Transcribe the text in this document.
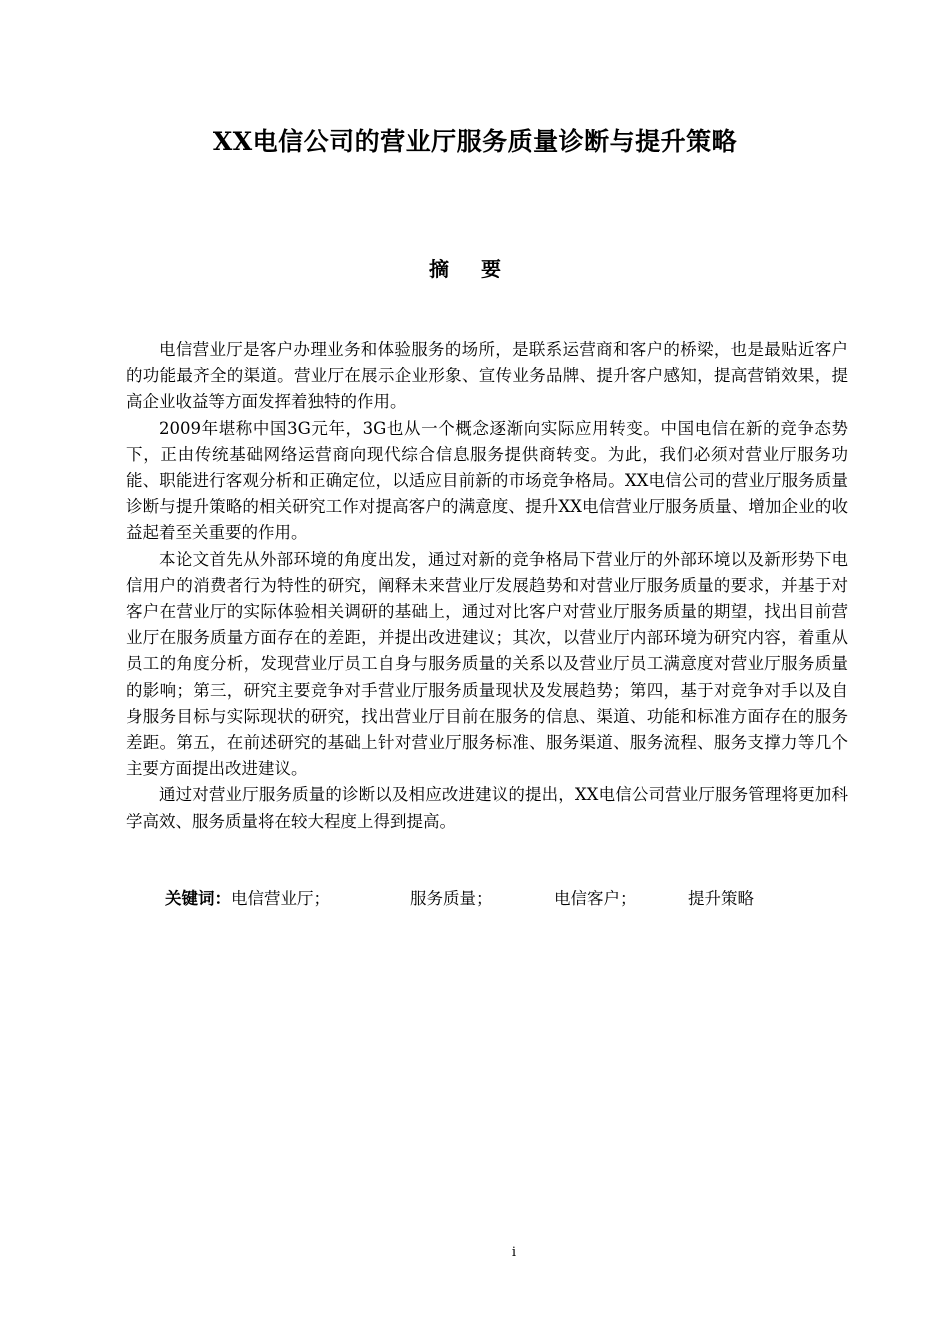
XX电信公司的营业厅服务质量诊断与提升策略
摘要

电信营业厅是客户办理业务和体验服务的场所，是联系运营商和客户的桥梁，也是最贴近客户的功能最齐全的渠道。营业厅在展示企业形象、宣传业务品牌、提升客户感知，提高营销效果，提高企业收益等方面发挥着独特的作用。

2009年堪称中国3G元年，3G也从一个概念逐渐向实际应用转变。中国电信在新的竞争态势下，正由传统基础网络运营商向现代综合信息服务提供商转变。为此，我们必须对营业厅服务功能、职能进行客观分析和正确定位，以适应目前新的市场竞争格局。XX电信公司的营业厅服务质量诊断与提升策略的相关研究工作对提高客户的满意度、提升XX电信营业厅服务质量、增加企业的收益起着至关重要的作用。

本论文首先从外部环境的角度出发，通过对新的竞争格局下营业厅的外部环境以及新形势下电信用户的消费者行为特性的研究，阐释未来营业厅发展趋势和对营业厅服务质量的要求，并基于对客户在营业厅的实际体验相关调研的基础上，通过对比客户对营业厅服务质量的期望，找出目前营业厅在服务质量方面存在的差距，并提出改进建议；其次，以营业厅内部环境为研究内容，着重从员工的角度分析，发现营业厅员工自身与服务质量的关系以及营业厅员工满意度对营业厅服务质量的影响；第三，研究主要竞争对手营业厅服务质量现状及发展趋势；第四，基于对竞争对手以及自身服务目标与实际现状的研究，找出营业厅目前在服务的信息、渠道、功能和标准方面存在的服务差距。第五，在前述研究的基础上针对营业厅服务标准、服务渠道、服务流程、服务支撑力等几个主要方面提出改进建议。

通过对营业厅服务质量的诊断以及相应改进建议的提出，XX电信公司营业厅服务管理将更加科学高效、服务质量将在较大程度上得到提高。

关键词：电信营业厅；	服务质量；	电信客户；	提升策略
i
